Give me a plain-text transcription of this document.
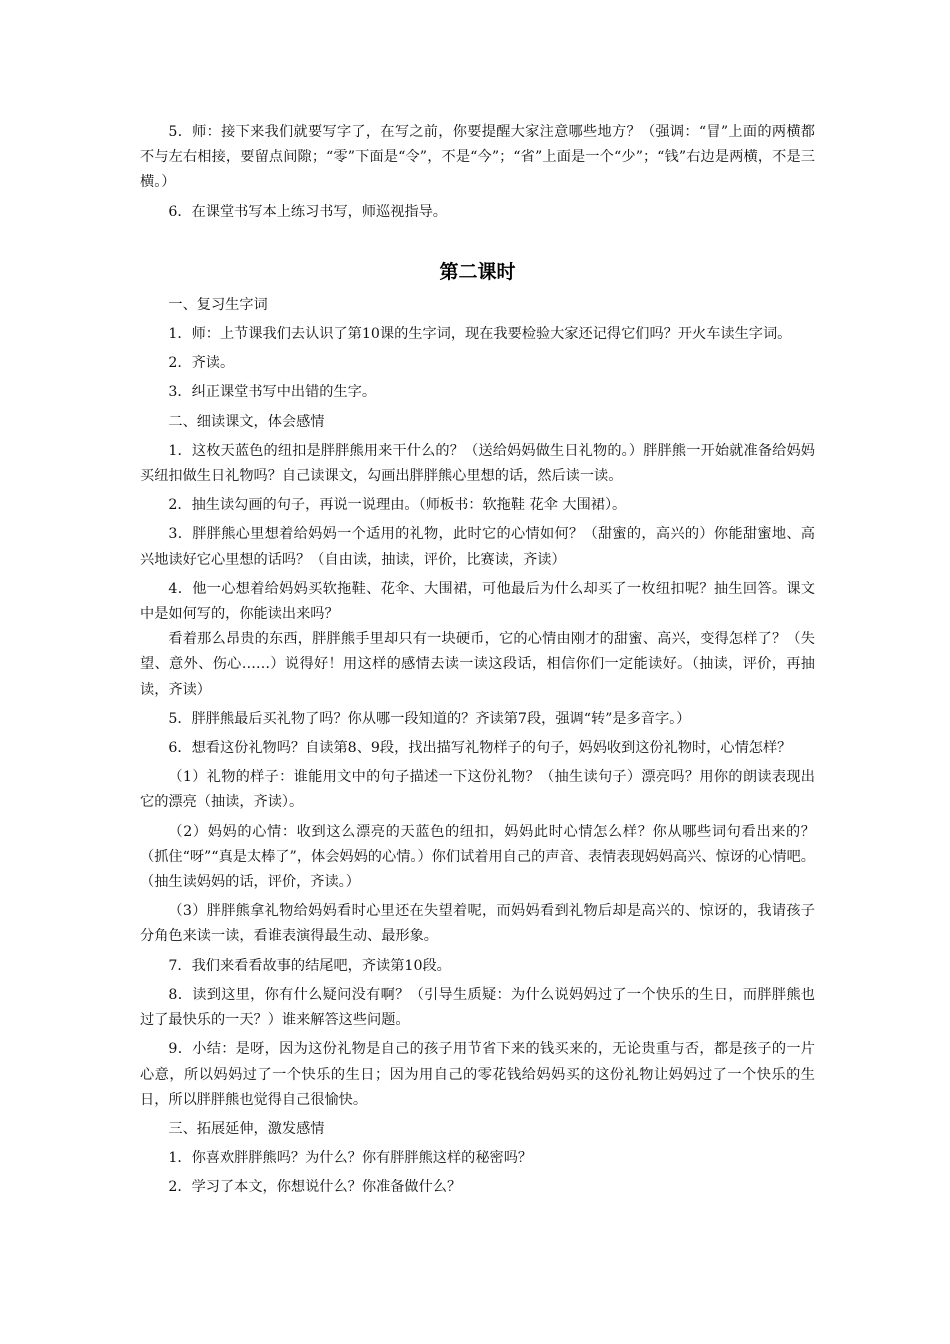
5．师：接下来我们就要写字了，在写之前，你要提醒大家注意哪些地方？（强调：“冒”上面的两横都不与左右相接，要留点间隙；“零”下面是“令”，不是“今”；“省”上面是一个“少”；“钱”右边是两横，不是三横。）

6．在课堂书写本上练习书写，师巡视指导。

第二课时

一、复习生字词

1．师：上节课我们去认识了第10课的生字词，现在我要检验大家还记得它们吗？开火车读生字词。

2．齐读。

3．纠正课堂书写中出错的生字。

二、细读课文，体会感情

1．这枚天蓝色的纽扣是胖胖熊用来干什么的？（送给妈妈做生日礼物的。）胖胖熊一开始就准备给妈妈买纽扣做生日礼物吗？自己读课文，勾画出胖胖熊心里想的话，然后读一读。

2．抽生读勾画的句子，再说一说理由。（师板书：软拖鞋 花伞 大围裙）。

3．胖胖熊心里想着给妈妈一个适用的礼物，此时它的心情如何？（甜蜜的，高兴的）你能甜蜜地、高兴地读好它心里想的话吗？（自由读，抽读，评价，比赛读，齐读）

4．他一心想着给妈妈买软拖鞋、花伞、大围裙，可他最后为什么却买了一枚纽扣呢？抽生回答。课文中是如何写的，你能读出来吗？

看着那么昂贵的东西，胖胖熊手里却只有一块硬币，它的心情由刚才的甜蜜、高兴，变得怎样了？（失望、意外、伤心……）说得好！用这样的感情去读一读这段话，相信你们一定能读好。（抽读，评价，再抽读，齐读）

5．胖胖熊最后买礼物了吗？你从哪一段知道的？齐读第7段，强调“转”是多音字。）

6．想看这份礼物吗？自读第8、9段，找出描写礼物样子的句子，妈妈收到这份礼物时，心情怎样？

（1）礼物的样子：谁能用文中的句子描述一下这份礼物？（抽生读句子）漂亮吗？用你的朗读表现出它的漂亮（抽读，齐读）。

（2）妈妈的心情：收到这么漂亮的天蓝色的纽扣，妈妈此时心情怎么样？你从哪些词句看出来的？（抓住“呀”“真是太棒了”，体会妈妈的心情。）你们试着用自己的声音、表情表现妈妈高兴、惊讶的心情吧。（抽生读妈妈的话，评价，齐读。）

（3）胖胖熊拿礼物给妈妈看时心里还在失望着呢，而妈妈看到礼物后却是高兴的、惊讶的，我请孩子分角色来读一读，看谁表演得最生动、最形象。

7．我们来看看故事的结尾吧，齐读第10段。

8．读到这里，你有什么疑问没有啊？（引导生质疑：为什么说妈妈过了一个快乐的生日，而胖胖熊也过了最快乐的一天？）谁来解答这些问题。

9．小结：是呀，因为这份礼物是自己的孩子用节省下来的钱买来的，无论贵重与否，都是孩子的一片心意，所以妈妈过了一个快乐的生日；因为用自己的零花钱给妈妈买的这份礼物让妈妈过了一个快乐的生日，所以胖胖熊也觉得自己很愉快。

三、拓展延伸，激发感情

1．你喜欢胖胖熊吗？为什么？你有胖胖熊这样的秘密吗？

2．学习了本文，你想说什么？你准备做什么？
